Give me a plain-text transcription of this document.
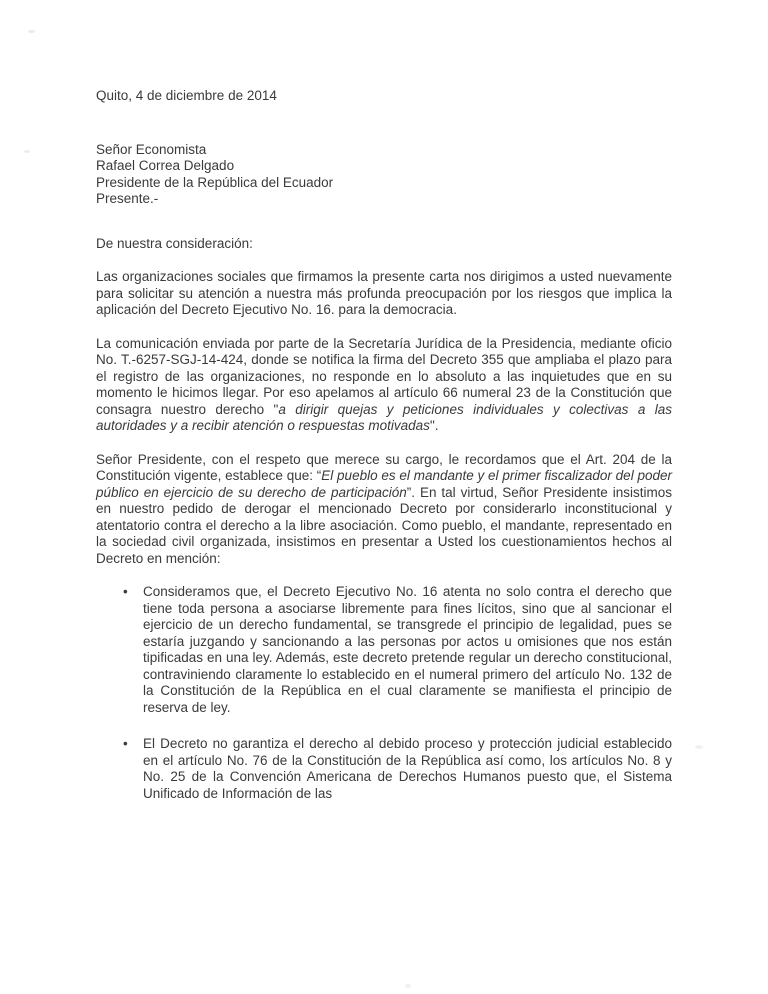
Quito, 4 de diciembre de 2014

Señor Economista

Rafael Correa Delgado

Presidente de la República del Ecuador

Presente.-

De nuestra consideración:

Las organizaciones sociales que firmamos la presente carta nos dirigimos a usted nuevamente para solicitar su atención a nuestra más profunda preocupación por los riesgos que implica la aplicación del Decreto Ejecutivo No. 16. para la democracia.

La comunicación enviada por parte de la Secretaría Jurídica de la Presidencia, mediante oficio No. T.-6257-SGJ-14-424, donde se notifica la firma del Decreto 355 que ampliaba el plazo para el registro de las organizaciones, no responde en lo absoluto a las inquietudes que en su momento le hicimos llegar. Por eso apelamos al artículo 66 numeral 23 de la Constitución que consagra nuestro derecho "a dirigir quejas y peticiones individuales y colectivas a las autoridades y a recibir atención o respuestas motivadas".

Señor Presidente, con el respeto que merece su cargo, le recordamos que el Art. 204 de la Constitución vigente, establece que: “El pueblo es el mandante y el primer fiscalizador del poder público en ejercicio de su derecho de participación”. En tal virtud, Señor Presidente insistimos en nuestro pedido de derogar el mencionado Decreto por considerarlo inconstitucional y atentatorio contra el derecho a la libre asociación. Como pueblo, el mandante, representado en la sociedad civil organizada, insistimos en presentar a Usted los cuestionamientos hechos al Decreto en mención:

•	Consideramos que, el Decreto Ejecutivo No. 16 atenta no solo contra el derecho que tiene toda persona a asociarse libremente para fines lícitos, sino que al sancionar el ejercicio de un derecho fundamental, se transgrede el principio de legalidad, pues se estaría juzgando y sancionando a las personas por actos u omisiones que nos están tipificadas en una ley. Además, este decreto pretende regular un derecho constitucional, contraviniendo claramente lo establecido en el numeral primero del artículo No. 132 de la Constitución de la República en el cual claramente se manifiesta el principio de reserva de ley.
•	El Decreto no garantiza el derecho al debido proceso y protección judicial establecido en el artículo No. 76 de la Constitución de la República así como, los artículos No. 8 y No. 25 de la Convención Americana de Derechos Humanos puesto que, el Sistema Unificado de Información de las
